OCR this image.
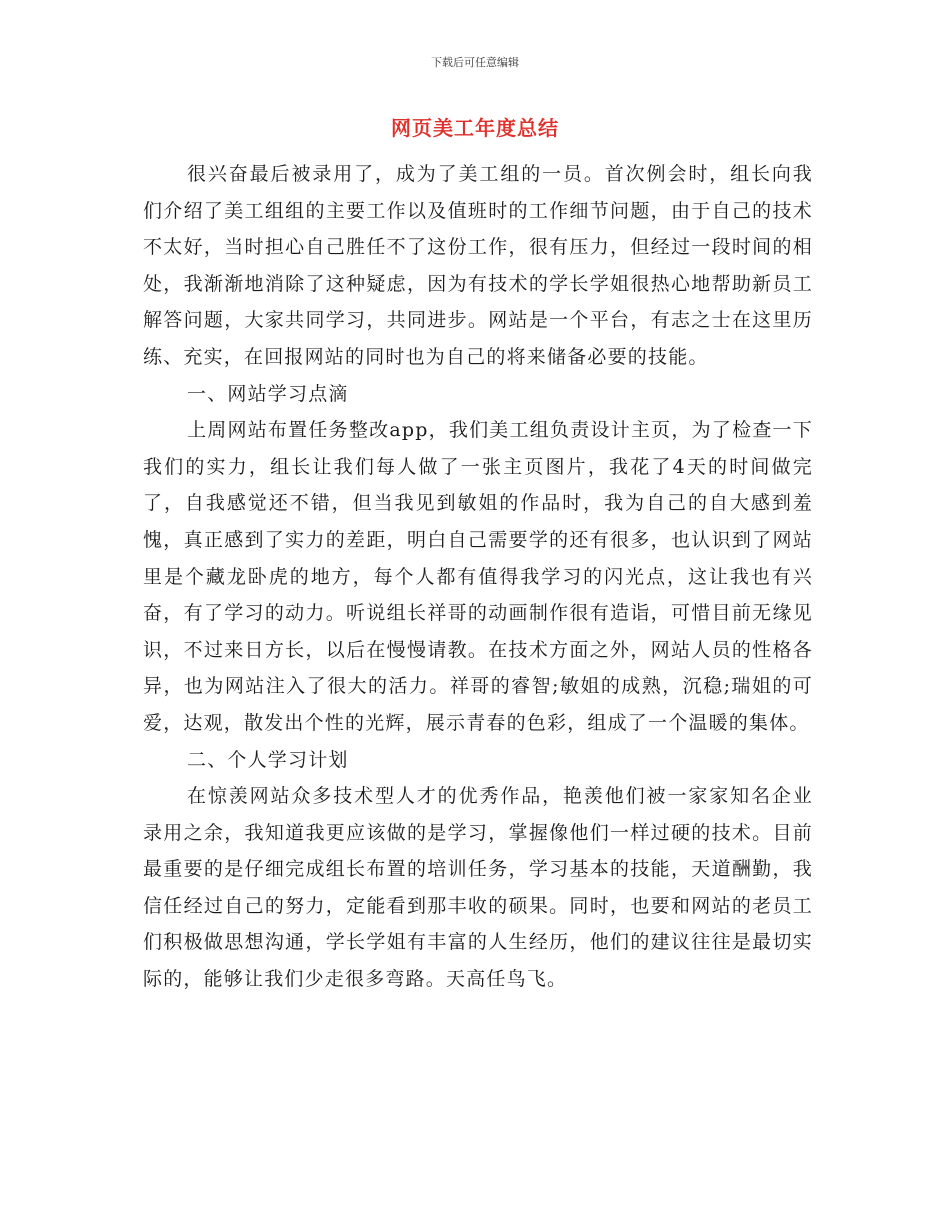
下载后可任意编辑
网页美工年度总结

很兴奋最后被录用了，成为了美工组的一员。首次例会时，组长向我们介绍了美工组组的主要工作以及值班时的工作细节问题，由于自己的技术不太好，当时担心自己胜任不了这份工作，很有压力，但经过一段时间的相处，我渐渐地消除了这种疑虑，因为有技术的学长学姐很热心地帮助新员工解答问题，大家共同学习，共同进步。网站是一个平台，有志之士在这里历练、充实，在回报网站的同时也为自己的将来储备必要的技能。

一、网站学习点滴

上周网站布置任务整改app，我们美工组负责设计主页，为了检查一下我们的实力，组长让我们每人做了一张主页图片，我花了4天的时间做完了，自我感觉还不错，但当我见到敏姐的作品时，我为自己的自大感到羞愧，真正感到了实力的差距，明白自己需要学的还有很多，也认识到了网站里是个藏龙卧虎的地方，每个人都有值得我学习的闪光点，这让我也有兴奋，有了学习的动力。听说组长祥哥的动画制作很有造诣，可惜目前无缘见识，不过来日方长，以后在慢慢请教。在技术方面之外，网站人员的性格各异，也为网站注入了很大的活力。祥哥的睿智;敏姐的成熟，沉稳;瑞姐的可爱，达观，散发出个性的光辉，展示青春的色彩，组成了一个温暖的集体。

二、个人学习计划

在惊羡网站众多技术型人才的优秀作品，艳羡他们被一家家知名企业录用之余，我知道我更应该做的是学习，掌握像他们一样过硬的技术。目前最重要的是仔细完成组长布置的培训任务，学习基本的技能，天道酬勤，我信任经过自己的努力，定能看到那丰收的硕果。同时，也要和网站的老员工们积极做思想沟通，学长学姐有丰富的人生经历，他们的建议往往是最切实际的，能够让我们少走很多弯路。天高任鸟飞。
